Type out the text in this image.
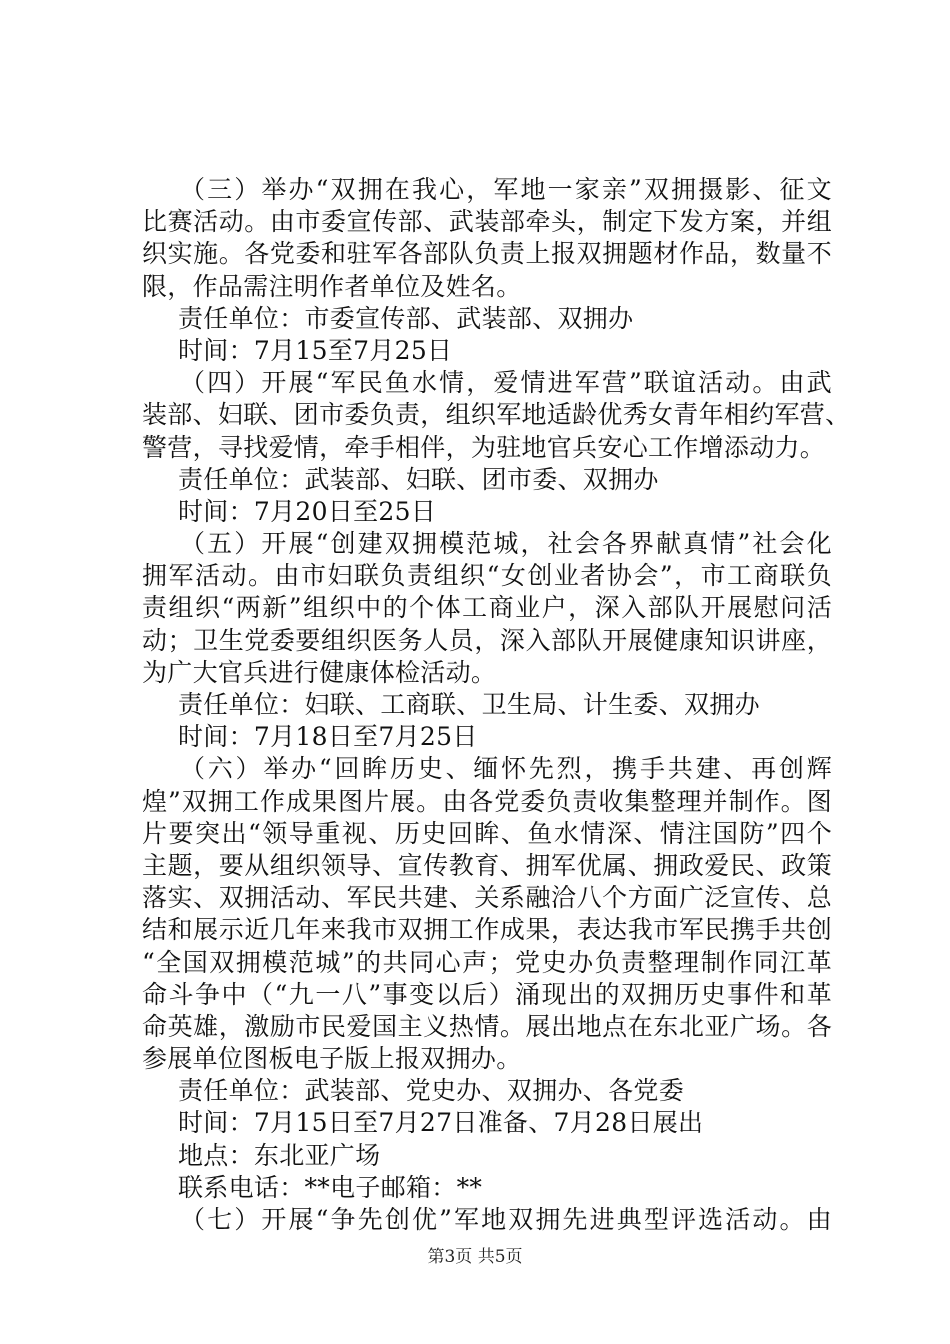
（三）举办“双拥在我心，军地一家亲”双拥摄影、征文
比赛活动。由市委宣传部、武装部牵头，制定下发方案，并组
织实施。各党委和驻军各部队负责上报双拥题材作品，数量不
限，作品需注明作者单位及姓名。
责任单位：市委宣传部、武装部、双拥办
时间：7月15至7月25日
（四）开展“军民鱼水情，爱情进军营”联谊活动。由武
装部、妇联、团市委负责，组织军地适龄优秀女青年相约军营、
警营，寻找爱情，牵手相伴，为驻地官兵安心工作增添动力。
责任单位：武装部、妇联、团市委、双拥办
时间：7月20日至25日
（五）开展“创建双拥模范城，社会各界献真情”社会化
拥军活动。由市妇联负责组织“女创业者协会”，市工商联负
责组织“两新”组织中的个体工商业户，深入部队开展慰问活
动；卫生党委要组织医务人员，深入部队开展健康知识讲座，
为广大官兵进行健康体检活动。
责任单位：妇联、工商联、卫生局、计生委、双拥办
时间：7月18日至7月25日
（六）举办“回眸历史、缅怀先烈，携手共建、再创辉
煌”双拥工作成果图片展。由各党委负责收集整理并制作。图
片要突出“领导重视、历史回眸、鱼水情深、情注国防”四个
主题，要从组织领导、宣传教育、拥军优属、拥政爱民、政策
落实、双拥活动、军民共建、关系融洽八个方面广泛宣传、总
结和展示近几年来我市双拥工作成果，表达我市军民携手共创
“全国双拥模范城”的共同心声；党史办负责整理制作同江革
命斗争中（“九一八”事变以后）涌现出的双拥历史事件和革
命英雄，激励市民爱国主义热情。展出地点在东北亚广场。各
参展单位图板电子版上报双拥办。
责任单位：武装部、党史办、双拥办、各党委
时间：7月15日至7月27日准备、7月28日展出
地点：东北亚广场
联系电话：**电子邮箱：**
（七）开展“争先创优”军地双拥先进典型评选活动。由
第3页 共5页
